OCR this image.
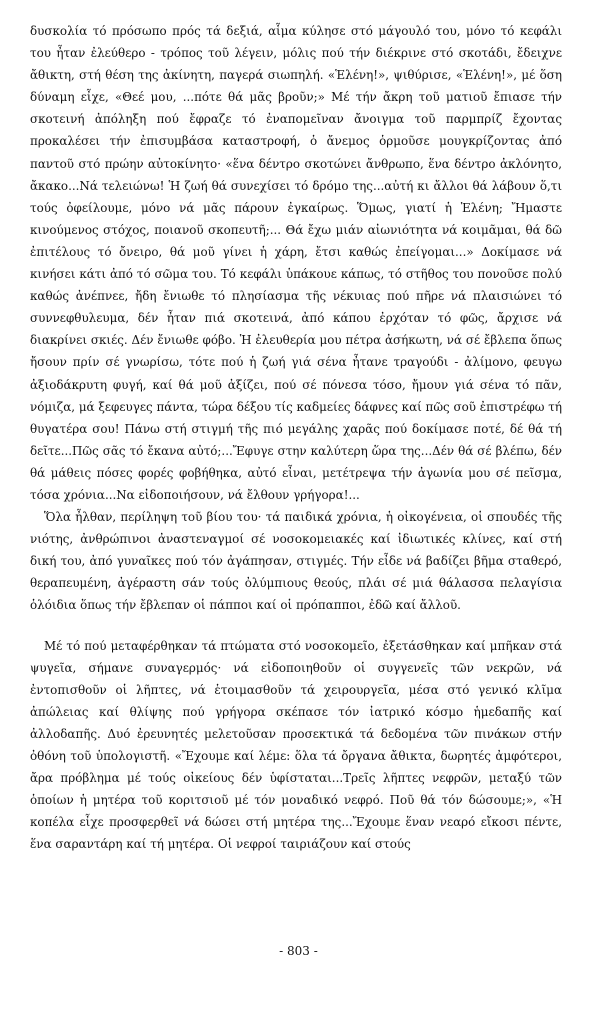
δυσκολία τό πρόσωπο πρός τά δεξιά, αἷμα κύλησε στό μάγουλό του, μόνο τό κεφάλι του ἦταν ἐλεύθερο - τρόπος τοῦ λέγειν, μόλις πού τήν διέκρινε στό σκοτάδι, ἔδειχνε ἄθικτη, στή θέση της ἀκίνητη, παγερά σιωπηλή. «Ἑλένη!», ψιθύρισε, «Ἑλένη!», μέ ὅση δύναμη εἶχε, «Θεέ μου, ...πότε θά μᾶς βροῦν;» Μέ τήν ἄκρη τοῦ ματιοῦ ἔπιασε τήν σκοτεινή ἀπόληξη πού ἔφραζε τό ἐναπομεῖναν ἄνοιγμα τοῦ παρμπρίζ ἔχοντας προκαλέσει τήν ἐπισυμβάσα καταστροφή, ὁ ἄνεμος ὁρμοῦσε μουγκρίζοντας ἀπό παντοῦ στό πρώην αὐτοκίνητο· «ἕνα δέντρο σκοτώνει ἄνθρωπο, ἕνα δέντρο ἀκλόνητο, ἄκακο...Νά τελειώνω! Ἡ ζωή θά συνεχίσει τό δρόμο της...αὐτή κι ἄλλοι θά λάβουν ὅ,τι τούς ὀφείλουμε, μόνο νά μᾶς πάρουν ἐγκαίρως. Ὅμως, γιατί ἡ Ἑλένη; Ἤμαστε κινούμενος στόχος, ποιανοῦ σκοπευτῆ;... Θά ἔχω μιάν αἰωνιότητα νά κοιμᾶμαι, θά δῶ ἐπιτέλους τό ὄνειρο, θά μοῦ γίνει ἡ χάρη, ἔτσι καθώς ἐπείγομαι...» Δοκίμασε νά κινήσει κάτι ἀπό τό σῶμα του. Τό κεφάλι ὑπάκουε κάπως, τό στῆθος του πονοῦσε πολύ καθώς ἀνέπνεε, ἤδη ἔνιωθε τό πλησίασμα τῆς νέκυιας πού πῆρε νά πλαισιώνει τό συννεφθυλευμα, δέν ἦταν πιά σκοτεινά, ἀπό κάπου ἐρχόταν τό φῶς, ἄρχισε νά διακρίνει σκιές. Δέν ἔνιωθε φόβο. Ἡ ἐλευθερία μου πέτρα ἀσήκωτη, νά σέ ἔβλεπα ὅπως ἤσουν πρίν σέ γνωρίσω, τότε πού ἡ ζωή γιά σένα ἦτανε τραγούδι - ἀλίμονο, φευγω ἀξιοδάκρυτη φυγή, καί θά μοῦ ἀξίζει, πού σέ πόνεσα τόσο, ἤμουν γιά σένα τό πᾶν, νόμιζα, μά ξεφευγες πάντα, τώρα δέξου τίς καδμείες δάφνες καί πῶς σοῦ ἐπιστρέφω τή θυγατέρα σου! Πάνω στή στιγμή τῆς πιό μεγάλης χαρᾶς πού δοκίμασε ποτέ, δέ θά τή δεῖτε...Πῶς σᾶς τό ἔκανα αὐτό;...Ἔφυγε στην καλύτερη ὥρα της...Δέν θά σέ βλέπω, δέν θά μάθεις πόσες φορές φοβήθηκα, αὐτό εἶναι, μετέτρεψα τήν ἀγωνία μου σέ πεῖσμα, τόσα χρόνια...Να εἰδοποιήσουν, νά ἔλθουν γρήγορα!...

Ὅλα ἦλθαν, περίληψη τοῦ βίου του· τά παιδικά χρόνια, ἡ οἰκογένεια, οἱ σπουδές τῆς νιότης, ἀνθρώπινοι ἀναστεναγμοί σέ νοσοκομειακές καί ἰδιωτικές κλίνες, καί στή δική του, ἀπό γυναῖκες πού τόν ἀγάπησαν, στιγμές. Τήν εἶδε νά βαδίζει βῆμα σταθερό, θεραπευμένη, ἀγέραστη σάν τούς ὀλύμπιους θεούς, πλάι σέ μιά θάλασσα πελαγίσια ὁλόιδια ὅπως τήν ἔβλεπαν οἱ πάπποι καί οἱ πρόπαπποι, ἐδῶ καί ἄλλοῦ.

Μέ τό πού μεταφέρθηκαν τά πτώματα στό νοσοκομεῖο, ἐξετάσθηκαν καί μπῆκαν στά ψυγεῖα, σήμανε συναγερμός· νά εἰδοποιηθοῦν οἱ συγγενεῖς τῶν νεκρῶν, νά ἐντοπισθοῦν οἱ λῆπτες, νά ἑτοιμασθοῦν τά χειρουργεῖα, μέσα στό γενικό κλῖμα ἀπώλειας καί θλίψης πού γρήγορα σκέπασε τόν ἰατρικό κόσμο ἡμεδαπῆς καί ἀλλοδαπῆς. Δυό ἐρευνητές μελετοῦσαν προσεκτικά τά δεδομένα τῶν πινάκων στήν ὀθόνη τοῦ ὑπολογιστῆ. «Ἔχουμε καί λέμε: ὅλα τά ὄργανα ἄθικτα, δωρητές ἀμφότεροι, ἄρα πρόβλημα μέ τούς οἰκείους δέν ὑφίσταται...Τρεῖς λῆπτες νεφρῶν, μεταξύ τῶν ὁποίων ἡ μητέρα τοῦ κοριτσιοῦ μέ τόν μοναδικό νεφρό. Ποῦ θά τόν δώσουμε;», «Ἡ κοπέλα εἶχε προσφερθεῖ νά δώσει στή μητέρα της...Ἔχουμε ἕναν νεαρό εἴκοσι πέντε, ἕνα σαραντάρη καί τή μητέρα. Οἱ νεφροί ταιριάζουν καί στούς

- 803 -
